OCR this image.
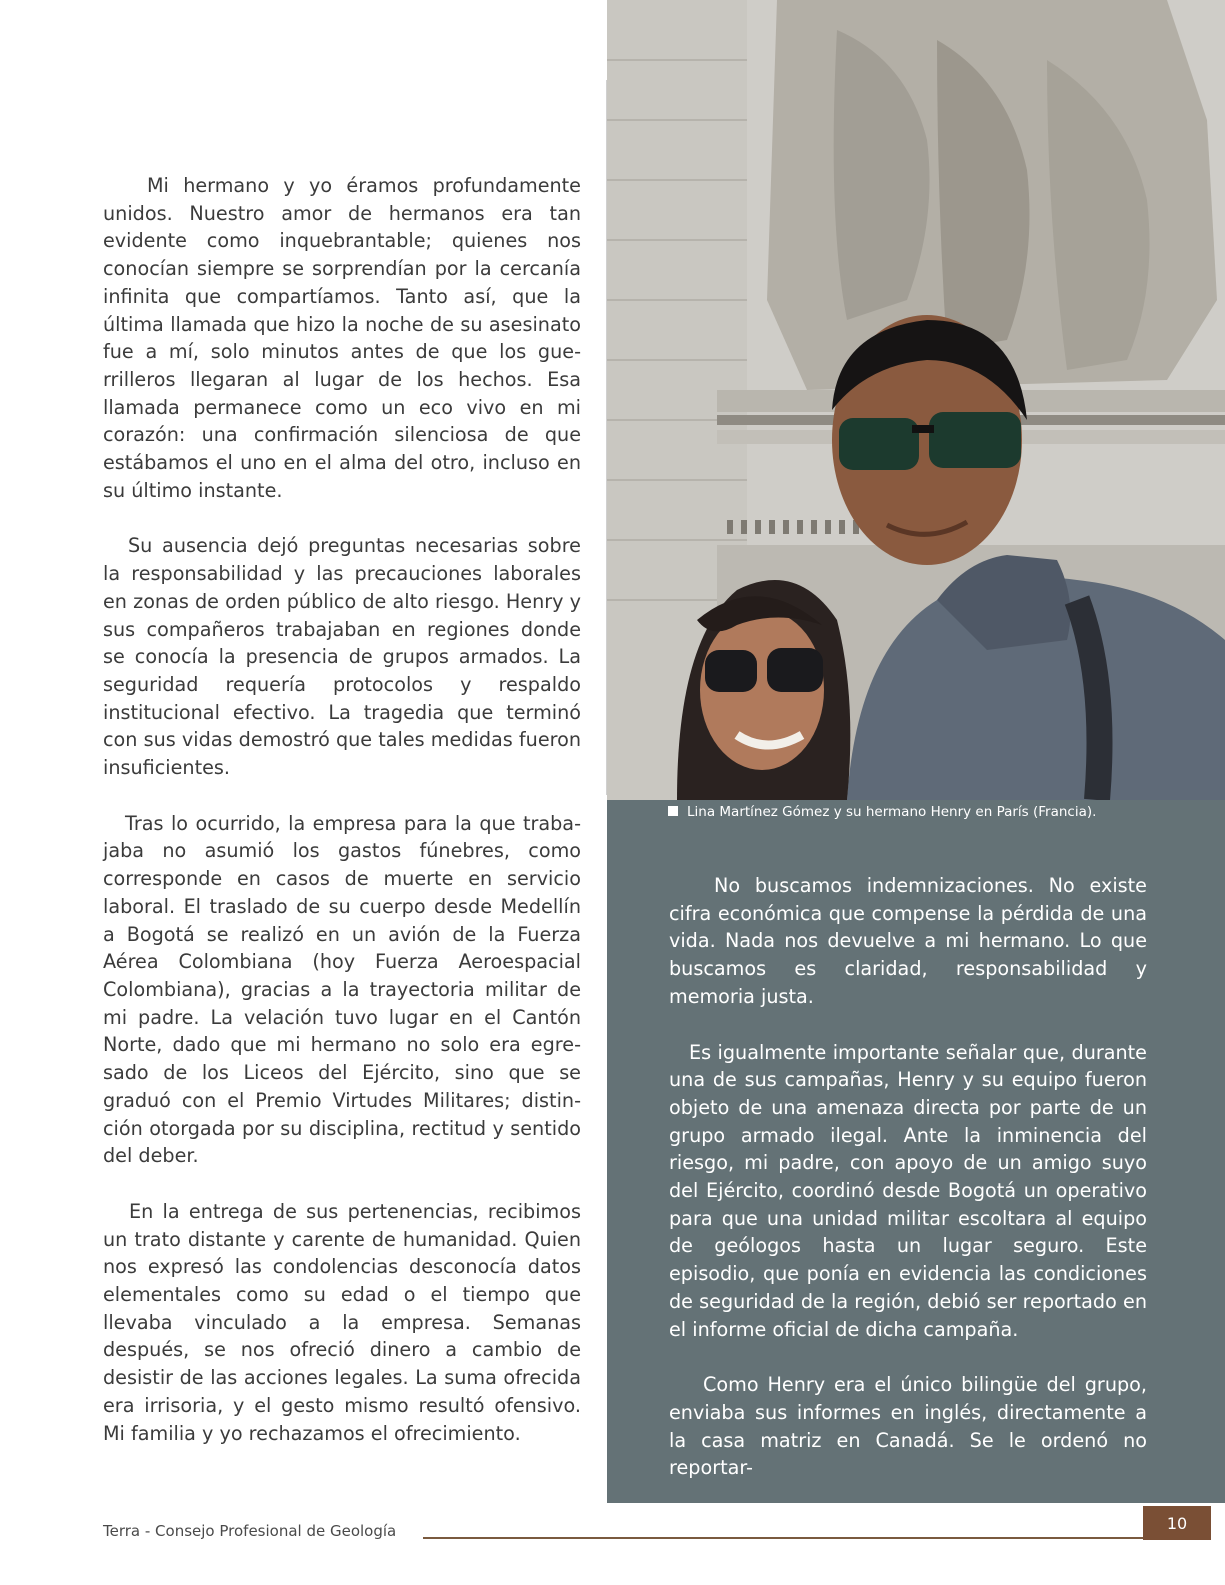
Mi hermano y yo éramos profundamente unidos. Nuestro amor de hermanos era tan evidente como inquebrantable; quienes nos conocían siempre se sorprendían por la cercanía infinita que compartíamos. Tanto así, que la última llamada que hizo la noche de su asesinato fue a mí, solo minutos antes de que los guerrilleros llegaran al lugar de los hechos. Esa llamada permanece como un eco vivo en mi corazón: una confirmación silenciosa de que estábamos el uno en el alma del otro, incluso en su último instante.

Su ausencia dejó preguntas necesarias sobre la responsabilidad y las precauciones laborales en zonas de orden público de alto riesgo. Henry y sus compañeros trabajaban en regiones donde se conocía la presencia de grupos armados. La seguridad requería protocolos y respaldo institucional efectivo. La tragedia que terminó con sus vidas demostró que tales medidas fueron insuficientes.

Tras lo ocurrido, la empresa para la que trabajaba no asumió los gastos fúnebres, como corresponde en casos de muerte en servicio laboral. El traslado de su cuerpo desde Medellín a Bogotá se realizó en un avión de la Fuerza Aérea Colombiana (hoy Fuerza Aeroespacial Colombiana), gracias a la trayectoria militar de mi padre. La velación tuvo lugar en el Cantón Norte, dado que mi hermano no solo era egresado de los Liceos del Ejército, sino que se graduó con el Premio Virtudes Militares; distinción otorgada por su disciplina, rectitud y sentido del deber.

En la entrega de sus pertenencias, recibimos un trato distante y carente de humanidad. Quien nos expresó las condolencias desconocía datos elementales como su edad o el tiempo que llevaba vinculado a la empresa. Semanas después, se nos ofreció dinero a cambio de desistir de las acciones legales. La suma ofrecida era irrisoria, y el gesto mismo resultó ofensivo. Mi familia y yo rechazamos el ofrecimiento.

Lina Martínez Gómez y su hermano Henry en París (Francia).

No buscamos indemnizaciones. No existe cifra económica que compense la pérdida de una vida. Nada nos devuelve a mi hermano. Lo que buscamos es claridad, responsabilidad y memoria justa.

Es igualmente importante señalar que, durante una de sus campañas, Henry y su equipo fueron objeto de una amenaza directa por parte de un grupo armado ilegal. Ante la inminencia del riesgo, mi padre, con apoyo de un amigo suyo del Ejército, coordinó desde Bogotá un operativo para que una unidad militar escoltara al equipo de geólogos hasta un lugar seguro. Este episodio, que ponía en evidencia las condiciones de seguridad de la región, debió ser reportado en el informe oficial de dicha campaña.

Como Henry era el único bilingüe del grupo, enviaba sus informes en inglés, directamente a la casa matriz en Canadá. Se le ordenó no reportar-

Terra - Consejo Profesional de Geología	10
